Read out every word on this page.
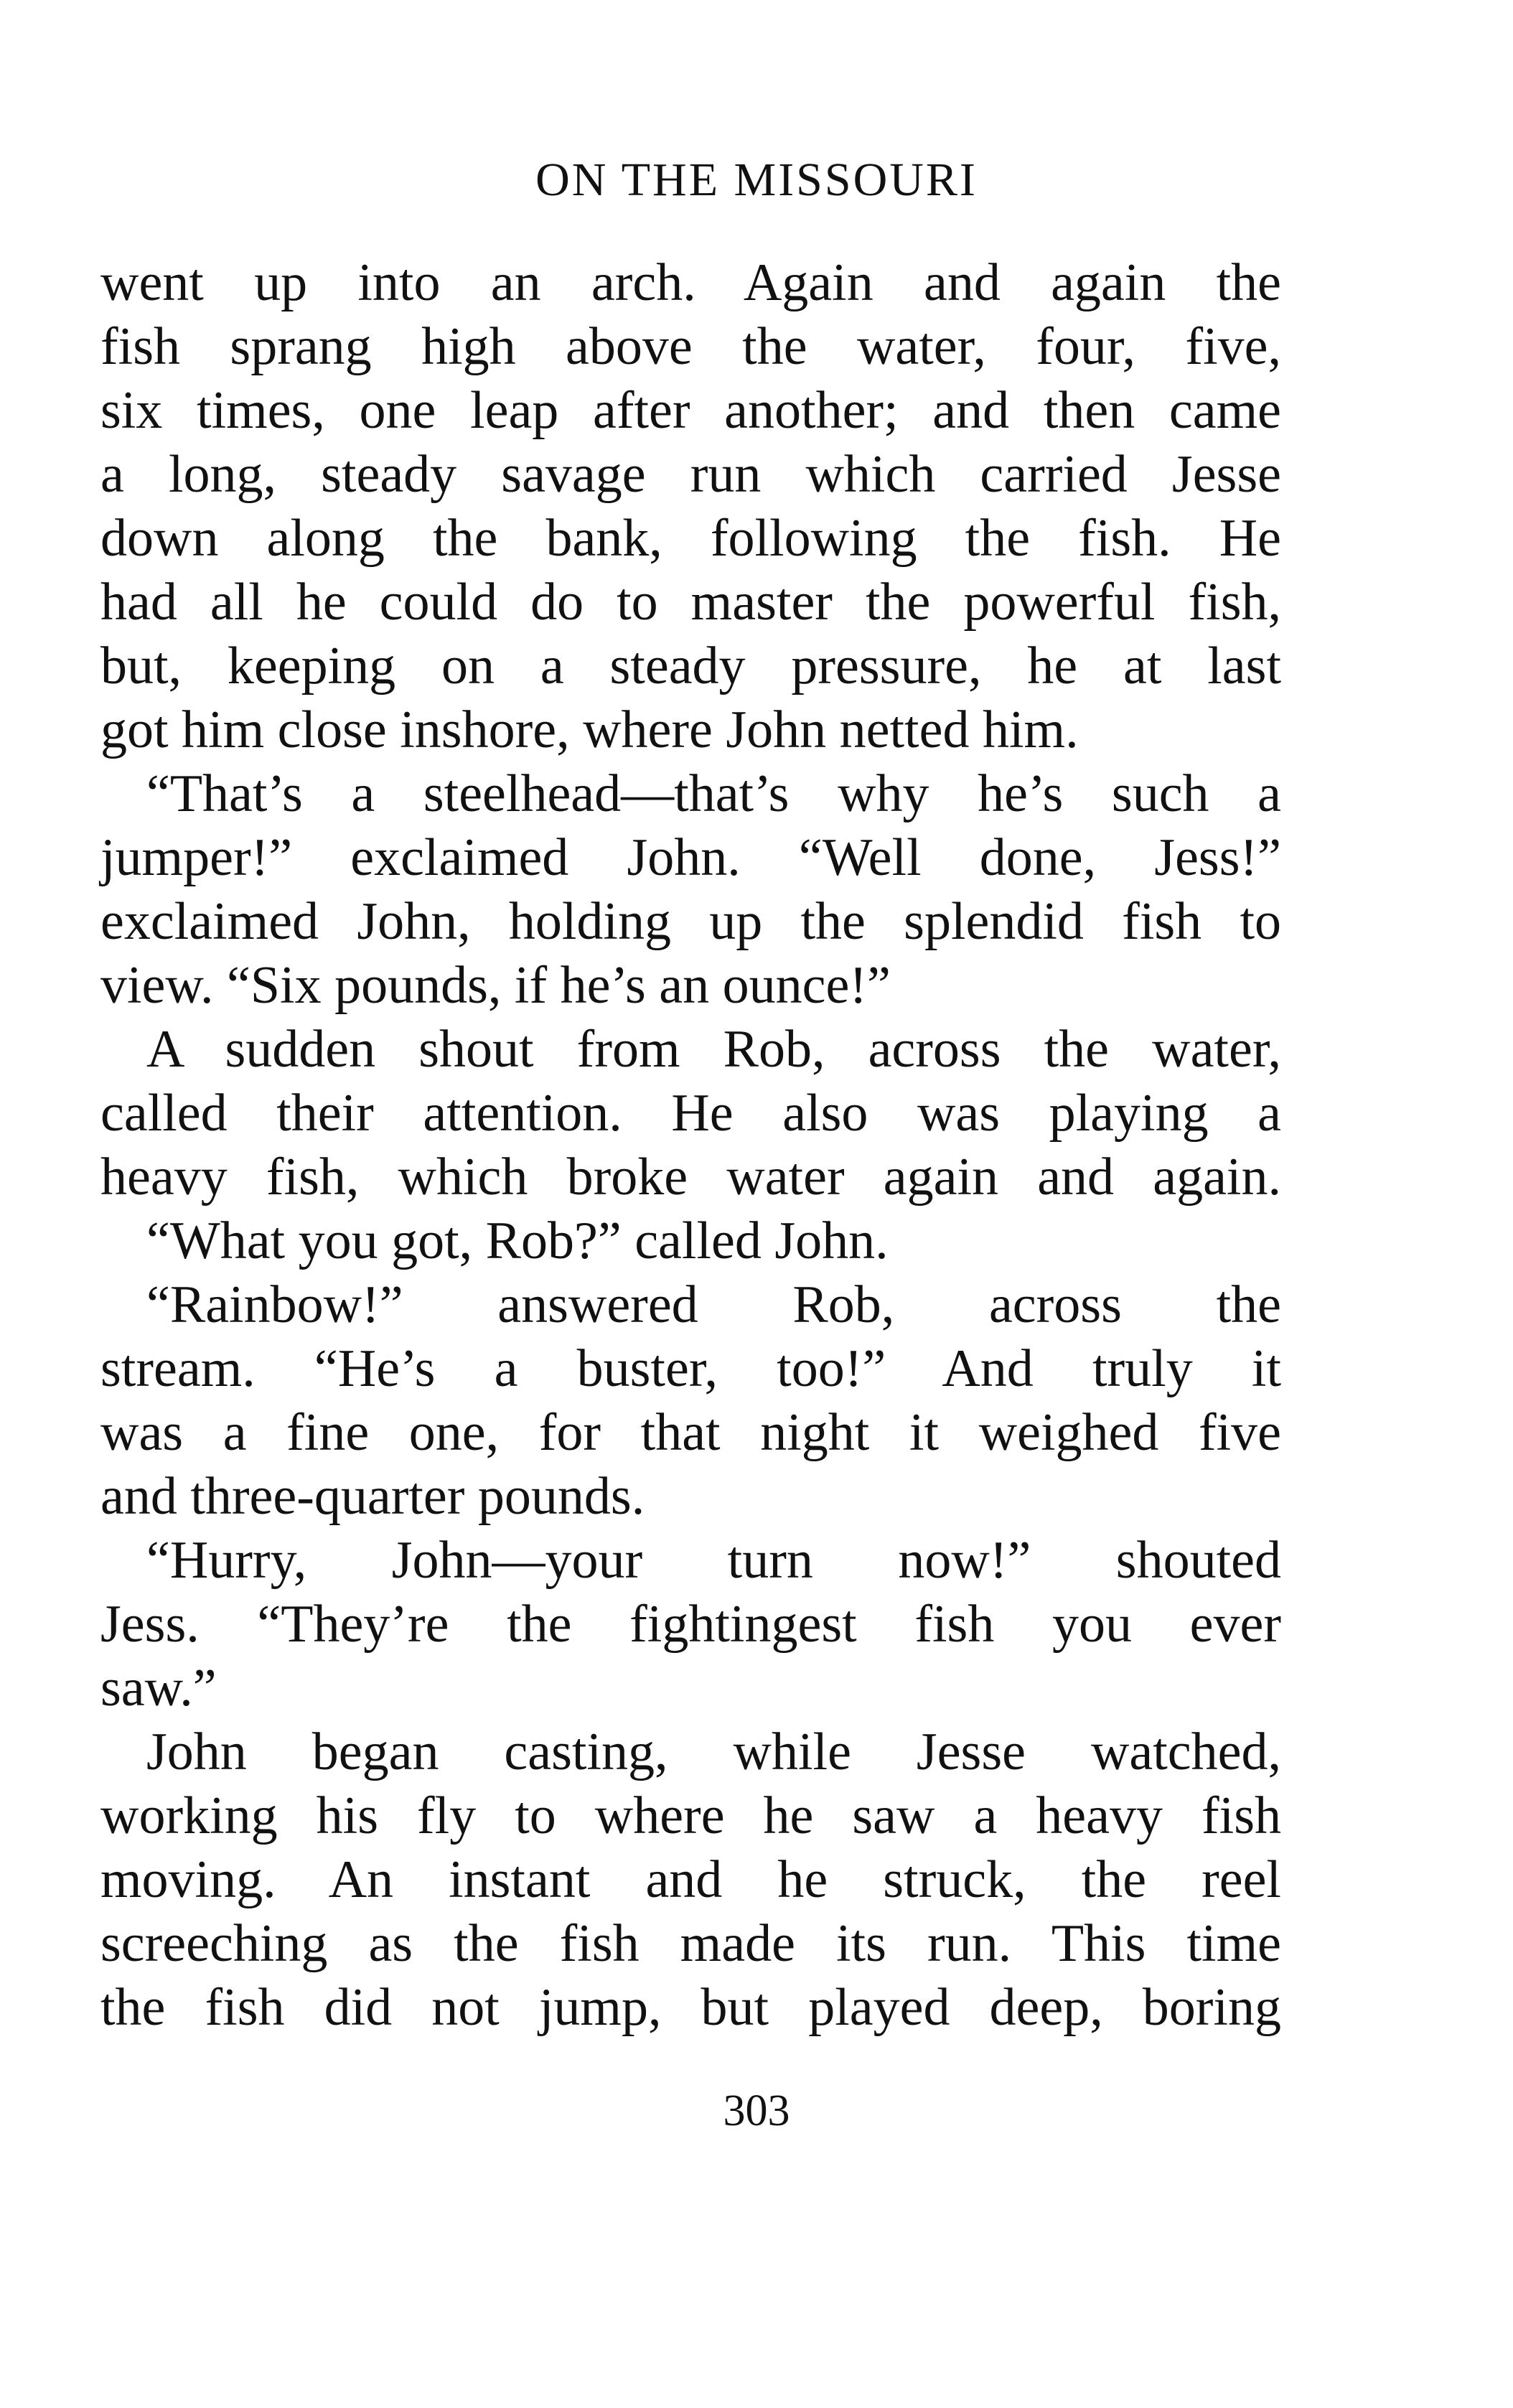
ON THE MISSOURI
went up into an arch. Again and again the
fish sprang high above the water, four, five,
six times, one leap after another; and then came
a long, steady savage run which carried Jesse
down along the bank, following the fish. He
had all he could do to master the powerful fish,
but, keeping on a steady pressure, he at last
got him close inshore, where John netted him.
“That’s a steelhead—that’s why he’s such a
jumper!” exclaimed John. “Well done, Jess!”
exclaimed John, holding up the splendid fish to
view. “Six pounds, if he’s an ounce!”
A sudden shout from Rob, across the water,
called their attention. He also was playing a
heavy fish, which broke water again and again.
“What you got, Rob?” called John.
“Rainbow!” answered Rob, across the
stream. “He’s a buster, too!” And truly it
was a fine one, for that night it weighed five
and three-quarter pounds.
“Hurry, John—your turn now!” shouted
Jess. “They’re the fightingest fish you ever
saw.”
John began casting, while Jesse watched,
working his fly to where he saw a heavy fish
moving. An instant and he struck, the reel
screeching as the fish made its run. This time
the fish did not jump, but played deep, boring
303
